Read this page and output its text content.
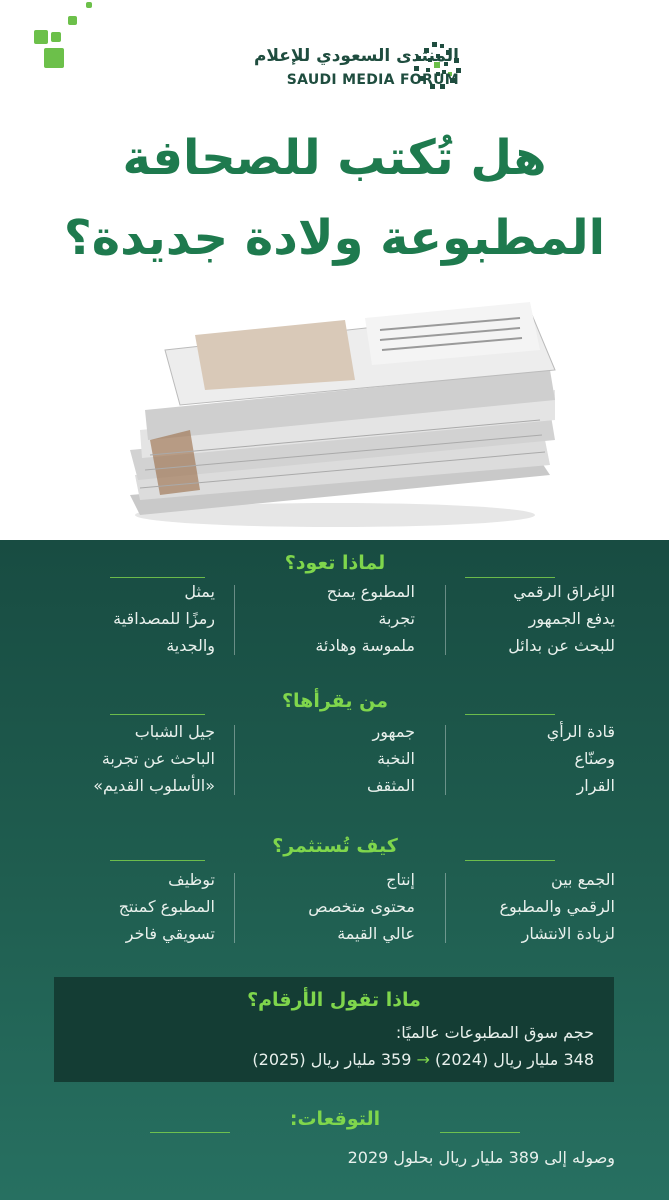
المنتدى السعودي للإعلام
SAUDI MEDIA FORUM
هل تُكتب للصحافة
المطبوعة ولادة جديدة؟
لماذا تعود؟
الإغراق الرقمي
يدفع الجمهور
للبحث عن بدائل
المطبوع يمنح
تجربة
ملموسة وهادئة
يمثل
رمزًا للمصداقية
والجدية
من يقرأها؟
قادة الرأي
وصنّاع
القرار
جمهور
النخبة
المثقف
جيل الشباب
الباحث عن تجربة
«الأسلوب القديم»
كيف تُستثمر؟
الجمع بين
الرقمي والمطبوع
لزيادة الانتشار
إنتاج
محتوى متخصص
عالي القيمة
توظيف
المطبوع كمنتج
تسويقي فاخر
ماذا تقول الأرقام؟
حجم سوق المطبوعات عالميًا:
348 مليار ريال (2024) → 359 مليار ريال (2025)
التوقعات:
وصوله إلى 389 مليار ريال بحلول 2029
